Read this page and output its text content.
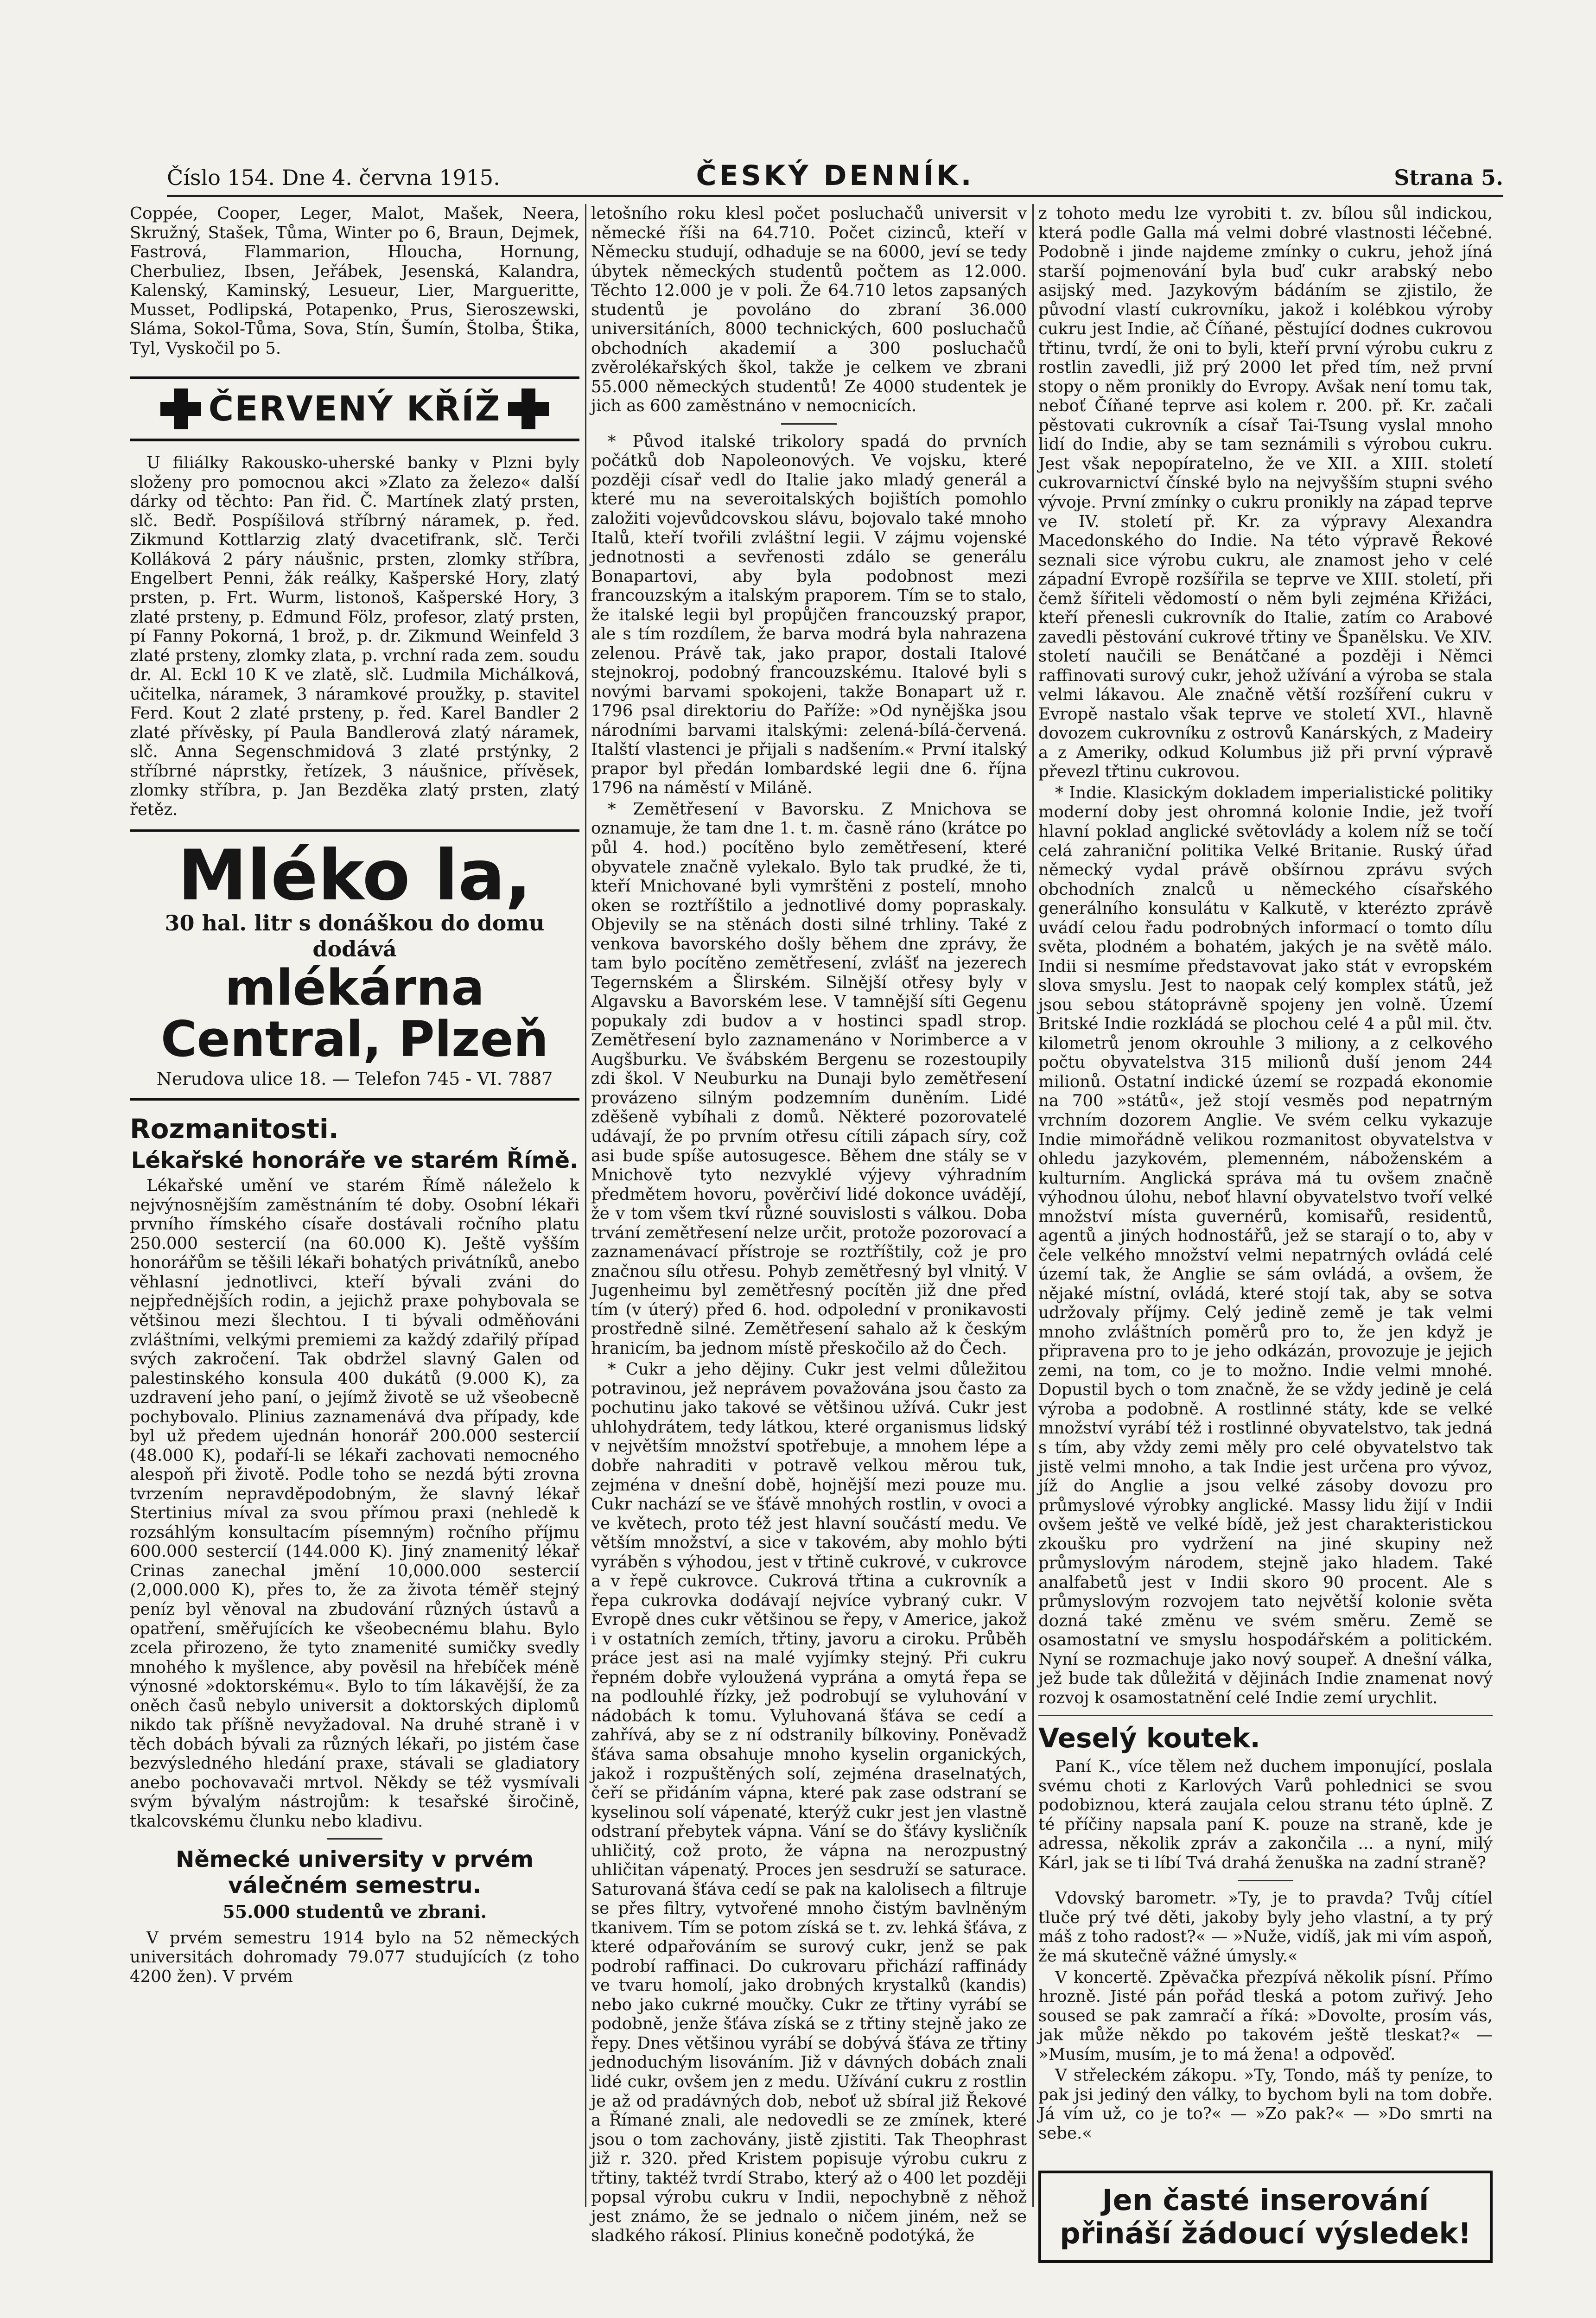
Číslo 154. Dne 4. června 1915.	ČESKÝ DENNÍK.	Strana 5.

Coppée, Cooper, Leger, Malot, Mašek, Neera, Skružný, Stašek, Tůma, Winter po 6, Braun, Dejmek, Fastrová, Flammarion, Hloucha, Hornung, Cherbuliez, Ibsen, Jeřábek, Jesenská, Kalandra, Kalenský, Kaminský, Lesueur, Lier, Margueritte, Musset, Podlipská, Potapenko, Prus, Sieroszewski, Sláma, Sokol-Tůma, Sova, Stín, Šumín, Štolba, Štika, Tyl, Vyskočil po 5.

ČERVENÝ KŘÍŽ

U filiálky Rakousko-uherské banky v Plzni byly složeny pro pomocnou akci »Zlato za železo« další dárky od těchto: Pan řid. Č. Martínek zlatý prsten, slč. Bedř. Pospíšilová stříbrný náramek, p. řed. Zikmund Kottlarzig zlatý dvacetifrank, slč. Terči Kolláková 2 páry náušnic, prsten, zlomky stříbra, Engelbert Penni, žák reálky, Kašperské Hory, zlatý prsten, p. Frt. Wurm, listonoš, Kašperské Hory, 3 zlaté prsteny, p. Edmund Fölz, profesor, zlatý prsten, pí Fanny Pokorná, 1 brož, p. dr. Zikmund Weinfeld 3 zlaté prsteny, zlomky zlata, p. vrchní rada zem. soudu dr. Al. Eckl 10 K ve zlatě, slč. Ludmila Michálková, učitelka, náramek, 3 náramkové proužky, p. stavitel Ferd. Kout 2 zlaté prsteny, p. řed. Karel Bandler 2 zlaté přívěsky, pí Paula Bandlerová zlatý náramek, slč. Anna Segenschmidová 3 zlaté prstýnky, 2 stříbrné náprstky, řetízek, 3 náušnice, přívěsek, zlomky stříbra, p. Jan Bezděka zlatý prsten, zlatý řetěz.

Mléko la,
30 hal. litr s donáškou do domu
dodává
mlékárna Central, Plzeň
Nerudova ulice 18. — Telefon 745 - VI. 7887
Rozmanitosti.
Lékařské honoráře ve starém Římě.

Lékařské umění ve starém Římě náleželo k nejvýnosnějším zaměstnáním té doby. Osobní lékaři prvního římského císaře dostávali ročního platu 250.000 sestercií (na 60.000 K). Ještě vyšším honorářům se těšili lékaři bohatých privátníků, anebo věhlasní jednotlivci, kteří bývali zváni do nejpřednějších rodin, a jejichž praxe pohybovala se většinou mezi šlechtou. I ti bývali odměňováni zvláštními, velkými premiemi za každý zdařilý případ svých zakročení. Tak obdržel slavný Galen od palestinského konsula 400 dukátů (9.000 K), za uzdravení jeho paní, o jejímž životě se už všeobecně pochybovalo. Plinius zaznamenává dva případy, kde byl už předem ujednán honorář 200.000 sestercií (48.000 K), podaří-li se lékaři zachovati nemocného alespoň při životě. Podle toho se nezdá býti zrovna tvrzením nepravděpodobným, že slavný lékař Stertinius míval za svou přímou praxi (nehledě k rozsáhlým konsultacím písemným) ročního příjmu 600.000 sestercií (144.000 K). Jiný znamenitý lékař Crinas zanechal jmění 10,000.000 sestercií (2,000.000 K), přes to, že za života téměř stejný peníz byl věnoval na zbudování různých ústavů a opatření, směřujících ke všeobecnému blahu. Bylo zcela přirozeno, že tyto znamenité sumičky svedly mnohého k myšlence, aby pověsil na hřebíček méně výnosné »doktorskému«. Bylo to tím lákavější, že za oněch časů nebylo universit a doktorských diplomů nikdo tak příšně nevyžadoval. Na druhé straně i v těch dobách bývali za různých lékaři, po jistém čase bezvýsledného hledání praxe, stávali se gladiatory anebo pochovavači mrtvol. Někdy se též vysmívali svým bývalým nástrojům: k tesařské širočině, tkalcovskému člunku nebo kladivu.

Německé university v prvém válečném semestru.
55.000 studentů ve zbrani.

V prvém semestru 1914 bylo na 52 německých universitách dohromady 79.077 studujících (z toho 4200 žen). V prvém

letošního roku klesl počet posluchačů universit v německé říši na 64.710. Počet cizinců, kteří v Německu studují, odhaduje se na 6000, jeví se tedy úbytek německých studentů počtem as 12.000. Těchto 12.000 je v poli. Že 64.710 letos zapsaných studentů je povoláno do zbraní 36.000 universitáních, 8000 technických, 600 posluchačů obchodních akademií a 300 posluchačů zvěrolékařských škol, takže je celkem ve zbrani 55.000 německých studentů! Ze 4000 studentek je jich as 600 zaměstnáno v nemocnicích.

* Původ italské trikolory spadá do prvních počátků dob Napoleonových. Ve vojsku, které později císař vedl do Italie jako mladý generál a které mu na severoitalských bojištích pomohlo založiti vojevůdcovskou slávu, bojovalo také mnoho Italů, kteří tvořili zvláštní legii. V zájmu vojenské jednotnosti a sevřenosti zdálo se generálu Bonapartovi, aby byla podobnost mezi francouzským a italským praporem. Tím se to stalo, že italské legii byl propůjčen francouzský prapor, ale s tím rozdílem, že barva modrá byla nahrazena zelenou. Právě tak, jako prapor, dostali Italové stejnokroj, podobný francouzskému. Italové byli s novými barvami spokojeni, takže Bonapart už r. 1796 psal direktoriu do Paříže: »Od nynějška jsou národními barvami italskými: zelená-bílá-červená. Italští vlastenci je přijali s nadšením.« První italský prapor byl předán lombardské legii dne 6. října 1796 na náměstí v Miláně.

* Zemětřesení v Bavorsku. Z Mnichova se oznamuje, že tam dne 1. t. m. časně ráno (krátce po půl 4. hod.) pocítěno bylo zemětřesení, které obyvatele značně vylekalo. Bylo tak prudké, že ti, kteří Mnichované byli vymrštěni z postelí, mnoho oken se roztříštilo a jednotlivé domy popraskaly. Objevily se na stěnách dosti silné trhliny. Také z venkova bavorského došly během dne zprávy, že tam bylo pocítěno zemětřesení, zvlášť na jezerech Tegernském a Šlirském. Silnější otřesy byly v Algavsku a Bavorském lese. V tamnější síti Gegenu popukaly zdi budov a v hostinci spadl strop. Zemětřesení bylo zaznamenáno v Norimberce a v Augšburku. Ve švábském Bergenu se rozestoupily zdi škol. V Neuburku na Dunaji bylo zemětřesení provázeno silným podzemním duněním. Lidé zděšeně vybíhali z domů. Některé pozorovatelé udávají, že po prvním otřesu cítili zápach síry, což asi bude spíše autosugesce. Během dne stály se v Mnichově tyto nezvyklé výjevy výhradním předmětem hovoru, pověrčiví lidé dokonce uvádějí, že v tom všem tkví různé souvislosti s válkou. Doba trvání zemětřesení nelze určit, protože pozorovací a zaznamenávací přístroje se roztříštily, což je pro značnou sílu otřesu. Pohyb zemětřesný byl vlnitý. V Jugenheimu byl zemětřesný pocítěn již dne před tím (v úterý) před 6. hod. odpolední v pronikavosti prostředně silné. Zemětřesení sahalo až k českým hranicím, ba jednom místě přeskočilo až do Čech.

* Cukr a jeho dějiny. Cukr jest velmi důležitou potravinou, jež neprávem považována jsou často za pochutinu jako takové se většinou užívá. Cukr jest uhlohydrátem, tedy látkou, které organismus lidský v největším množství spotřebuje, a mnohem lépe a dobře nahraditi v potravě velkou měrou tuk, zejména v dnešní době, hojnější mezi pouze mu. Cukr nachází se ve šťávě mnohých rostlin, v ovoci a ve květech, proto též jest hlavní součástí medu. Ve větším množství, a sice v takovém, aby mohlo býti vyráběn s výhodou, jest v třtině cukrové, v cukrovce a v řepě cukrovce. Cukrová třtina a cukrovník a řepa cukrovka dodávají nejvíce vybraný cukr. V Evropě dnes cukr většinou se řepy, v Americe, jakož i v ostatních zemích, třtiny, javoru a ciroku. Průběh práce jest asi na malé vyjímky stejný. Při cukru řepném dobře vyloužená vyprána a omytá řepa se na podlouhlé řízky, jež podrobují se vyluhování v nádobách k tomu. Vyluhovaná šťáva se cedí a zahřívá, aby se z ní odstranily bílkoviny. Poněvadž šťáva sama obsahuje mnoho kyselin organických, jakož i rozpuštěných solí, zejména draselnatých, čeří se přidáním vápna, které pak zase odstraní se kyselinou solí vápenaté, kterýž cukr jest jen vlastně odstraní přebytek vápna. Vání se do šťávy kysličník uhličitý, což proto, že vápna na nerozpustný uhličitan vápenatý. Proces jen sesdruží se saturace. Saturovaná šťáva cedí se pak na kalolisech a filtruje se přes filtry, vytvořené mnoho čistým bavlněným tkanivem. Tím se potom získá se t. zv. lehká šťáva, z které odpařováním se surový cukr, jenž se pak podrobí raffinaci. Do cukrovaru přichází raffinády ve tvaru homolí, jako drobných krystalků (kandis) nebo jako cukrné moučky. Cukr ze třtiny vyrábí se podobně, jenže šťáva získá se z třtiny stejně jako ze řepy. Dnes většinou vyrábí se dobývá šťáva ze třtiny jednoduchým lisováním. Již v dávných dobách znali lidé cukr, ovšem jen z medu. Užívání cukru z rostlin je až od pradávných dob, neboť už sbíral již Řekové a Římané znali, ale nedovedli se ze zmínek, které jsou o tom zachovány, jistě zjistiti. Tak Theophrast již r. 320. před Kristem popisuje výrobu cukru z třtiny, taktéž tvrdí Strabo, který až o 400 let později popsal výrobu cukru v Indii, nepochybně z něhož jest známo, že se jednalo o ničem jiném, než se sladkého rákosí. Plinius konečně podotýká, že

z tohoto medu lze vyrobiti t. zv. bílou sůl indickou, která podle Galla má velmi dobré vlastnosti léčebné. Podobně i jinde najdeme zmínky o cukru, jehož jíná starší pojmenování byla buď cukr arabský nebo asijský med. Jazykovým bádáním se zjistilo, že původní vlastí cukrovníku, jakož i kolébkou výroby cukru jest Indie, ač Číňané, pěstující dodnes cukrovou třtinu, tvrdí, že oni to byli, kteří první výrobu cukru z rostlin zavedli, již prý 2000 let před tím, než první stopy o něm pronikly do Evropy. Avšak není tomu tak, neboť Číňané teprve asi kolem r. 200. př. Kr. začali pěstovati cukrovník a císař Tai-Tsung vyslal mnoho lidí do Indie, aby se tam seznámili s výrobou cukru. Jest však nepopíratelno, že ve XII. a XIII. století cukrovarnictví čínské bylo na nejvyšším stupni svého vývoje. První zmínky o cukru pronikly na západ teprve ve IV. století př. Kr. za výpravy Alexandra Macedonského do Indie. Na této výpravě Řekové seznali sice výrobu cukru, ale znamost jeho v celé západní Evropě rozšířila se teprve ve XIII. století, při čemž šířiteli vědomostí o něm byli zejména Křižáci, kteří přenesli cukrovník do Italie, zatím co Arabové zavedli pěstování cukrové třtiny ve Španělsku. Ve XIV. století naučili se Benátčané a později i Němci raffinovati surový cukr, jehož užívání a výroba se stala velmi lákavou. Ale značně větší rozšíření cukru v Evropě nastalo však teprve ve století XVI., hlavně dovozem cukrovníku z ostrovů Kanárských, z Madeiry a z Ameriky, odkud Kolumbus již při první výpravě převezl třtinu cukrovou.

* Indie. Klasickým dokladem imperialistické politiky moderní doby jest ohromná kolonie Indie, jež tvoří hlavní poklad anglické světovlády a kolem níž se točí celá zahraniční politika Velké Britanie. Ruský úřad německý vydal právě obšírnou zprávu svých obchodních znalců u německého císařského generálního konsulátu v Kalkutě, v kterézto zprávě uvádí celou řadu podrobných informací o tomto dílu světa, plodném a bohatém, jakých je na světě málo. Indii si nesmíme představovat jako stát v evropském slova smyslu. Jest to naopak celý komplex států, jež jsou sebou státoprávně spojeny jen volně. Území Britské Indie rozkládá se plochou celé 4 a půl mil. čtv. kilometrů jenom okrouhle 3 miliony, a z celkového počtu obyvatelstva 315 milionů duší jenom 244 milionů. Ostatní indické území se rozpadá ekonomie na 700 »států«, jež stojí vesměs pod nepatrným vrchním dozorem Anglie. Ve svém celku vykazuje Indie mimořádně velikou rozmanitost obyvatelstva v ohledu jazykovém, plemenném, náboženském a kulturním. Anglická správa má tu ovšem značně výhodnou úlohu, neboť hlavní obyvatelstvo tvoří velké množství místa guvernérů, komisařů, residentů, agentů a jiných hodnostářů, jež se starají o to, aby v čele velkého množství velmi nepatrných ovládá celé území tak, že Anglie se sám ovládá, a ovšem, že nějaké místní, ovládá, které stojí tak, aby se sotva udržovaly příjmy. Celý jedině země je tak velmi mnoho zvláštních poměrů pro to, že jen když je připravena pro to je jeho odkázán, provozuje je jejich zemi, na tom, co je to možno. Indie velmi mnohé. Dopustil bych o tom značně, že se vždy jedině je celá výroba a podobně. A rostlinné státy, kde se velké množství vyrábí též i rostlinné obyvatelstvo, tak jedná s tím, aby vždy zemi měly pro celé obyvatelstvo tak jistě velmi mnoho, a tak Indie jest určena pro vývoz, jíž do Anglie a jsou velké zásoby dovozu pro průmyslové výrobky anglické. Massy lidu žijí v Indii ovšem ještě ve velké bídě, jež jest charakteristickou zkoušku pro vydržení na jiné skupiny než průmyslovým národem, stejně jako hladem. Také analfabetů jest v Indii skoro 90 procent. Ale s průmyslovým rozvojem tato největší kolonie světa dozná také změnu ve svém směru. Země se osamostatní ve smyslu hospodářském a politickém. Nyní se rozmachuje jako nový soupeř. A dnešní válka, jež bude tak důležitá v dějinách Indie znamenat nový rozvoj k osamostatnění celé Indie zemí urychlit.

Veselý koutek.

Paní K., více tělem než duchem imponující, poslala svému choti z Karlových Varů pohlednici se svou podobiznou, která zaujala celou stranu této úplně. Z té příčiny napsala paní K. pouze na straně, kde je adressa, několik zpráv a zakončila ... a nyní, milý Kárl, jak se ti líbí Tvá drahá ženuška na zadní straně?

Vdovský barometr. »Ty, je to pravda? Tvůj cítíel tluče prý tvé děti, jakoby byly jeho vlastní, a ty prý máš z toho radost?« — »Nuže, vidíš, jak mi vím aspoň, že má skutečně vážné úmysly.«

V koncertě. Zpěvačka přezpívá několik písní. Přímo hrozně. Jisté pán pořád tleská a potom zuřivý. Jeho soused se pak zamračí a říká: »Dovolte, prosím vás, jak může někdo po takovém ještě tleskat?« — »Musím, musím, je to má žena! a odpověď.

V střeleckém zákopu. »Ty, Tondo, máš ty peníze, to pak jsi jediný den války, to bychom byli na tom dobře. Já vím už, co je to?« — »Zo pak?« — »Do smrti na sebe.«

Jen časté inserování přináší žádoucí výsledek!
